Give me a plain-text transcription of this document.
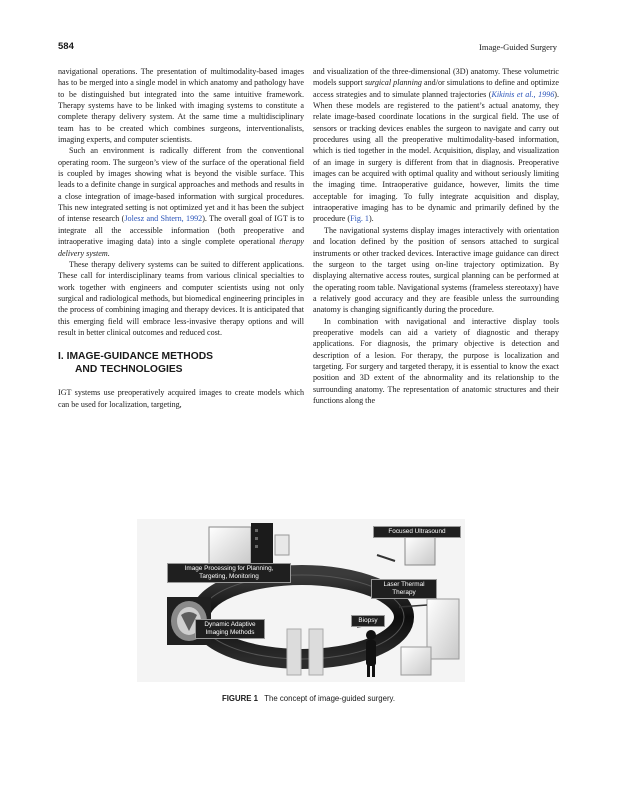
584	Image-Guided Surgery

navigational operations. The presentation of multimodality-based images has to be merged into a single model in which anatomy and pathology have to be distinguished but integrated into the same intuitive framework. Therapy systems have to be linked with imaging systems to constitute a complete therapy delivery system. At the same time a multidisciplinary team has to be created which combines surgeons, interventionalists, imaging experts, and computer scientists.

Such an environment is radically different from the conventional operating room. The surgeon’s view of the surface of the operational field is coupled by images showing what is beyond the visible surface. This leads to a definite change in surgical approaches and methods and results in a close integration of image-based information with surgical procedures. This new integrated setting is not optimized yet and it has been the subject of intense research (Jolesz and Shtern, 1992). The overall goal of IGT is to integrate all the accessible information (both preoperative and intraoperative imaging data) into a single complete operational therapy delivery system.

These therapy delivery systems can be suited to different applications. These call for interdisciplinary teams from various clinical specialties to work together with engineers and computer scientists using not only surgical and radiological methods, but biomedical engineering principles in the process of combining imaging and therapy devices. It is anticipated that this emerging field will embrace less-invasive therapy options and will result in better clinical outcomes and reduced cost.

I. IMAGE-GUIDANCE METHODS
AND TECHNOLOGIES

IGT systems use preoperatively acquired images to create models which can be used for localization, targeting,

and visualization of the three-dimensional (3D) anatomy. These volumetric models support surgical planning and/or simulations to define and optimize access strategies and to simulate planned trajectories (Kikinis et al., 1996). When these models are registered to the patient’s actual anatomy, they relate image-based coordinate locations in the surgical field. The use of sensors or tracking devices enables the surgeon to navigate and carry out procedures using all the preoperative multimodality-based information, which is tied together in the model. Acquisition, display, and visualization of an image in surgery is different from that in diagnosis. Preoperative images can be acquired with optimal quality and without seriously limiting the imaging time. Intraoperative guidance, however, limits the time acceptable for imaging. To fully integrate acquisition and display, intraoperative imaging has to be dynamic and primarily defined by the procedure (Fig. 1).

The navigational systems display images interactively with orientation and location defined by the position of sensors attached to surgical instruments or other tracked devices. Interactive image guidance can direct the surgeon to the target using on-line trajectory optimization. By displaying alternative access routes, surgical planning can be performed at the operating room table. Navigational systems (frameless stereotaxy) have a relatively good accuracy and they are feasible unless the surrounding anatomy is changing significantly during the procedure.

In combination with navigational and interactive display tools preoperative models can aid a variety of diagnostic and therapy applications. For diagnosis, the primary objective is detection and description of a lesion. For therapy, the purpose is localization and targeting. For surgery and targeted therapy, it is essential to know the exact position and 3D extent of the abnormality and its relationship to the surrounding anatomy. The representation of anatomic structures and their functions along the

Focused Ultrasound
Image Processing for Planning, Targeting, Monitoring
Laser Thermal Therapy
Biopsy
Dynamic Adaptive Imaging Methods
FIGURE 1 The concept of image-guided surgery.
